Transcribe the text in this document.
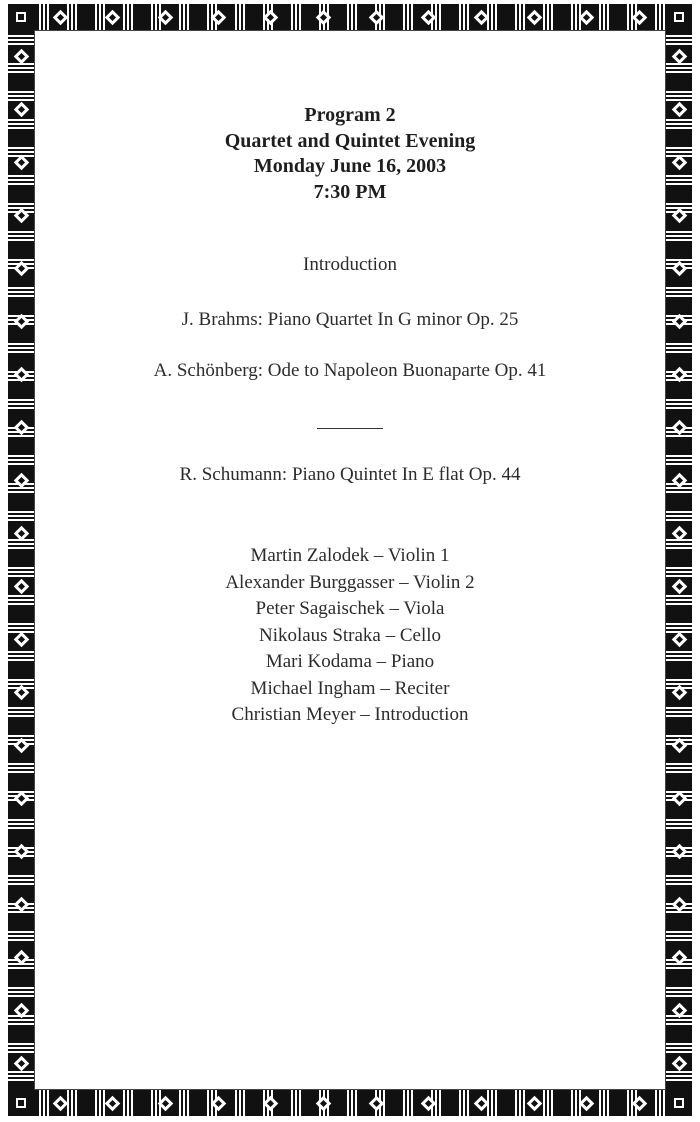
Program 2
Quartet and Quintet Evening
Monday June 16, 2003
7:30 PM
Introduction
J. Brahms: Piano Quartet In G minor Op. 25
A. Schönberg: Ode to Napoleon Buonaparte Op. 41
R. Schumann: Piano Quintet In E flat Op. 44
Martin Zalodek – Violin 1
Alexander Burggasser – Violin 2
Peter Sagaischek – Viola
Nikolaus Straka – Cello
Mari Kodama – Piano
Michael Ingham – Reciter
Christian Meyer – Introduction
